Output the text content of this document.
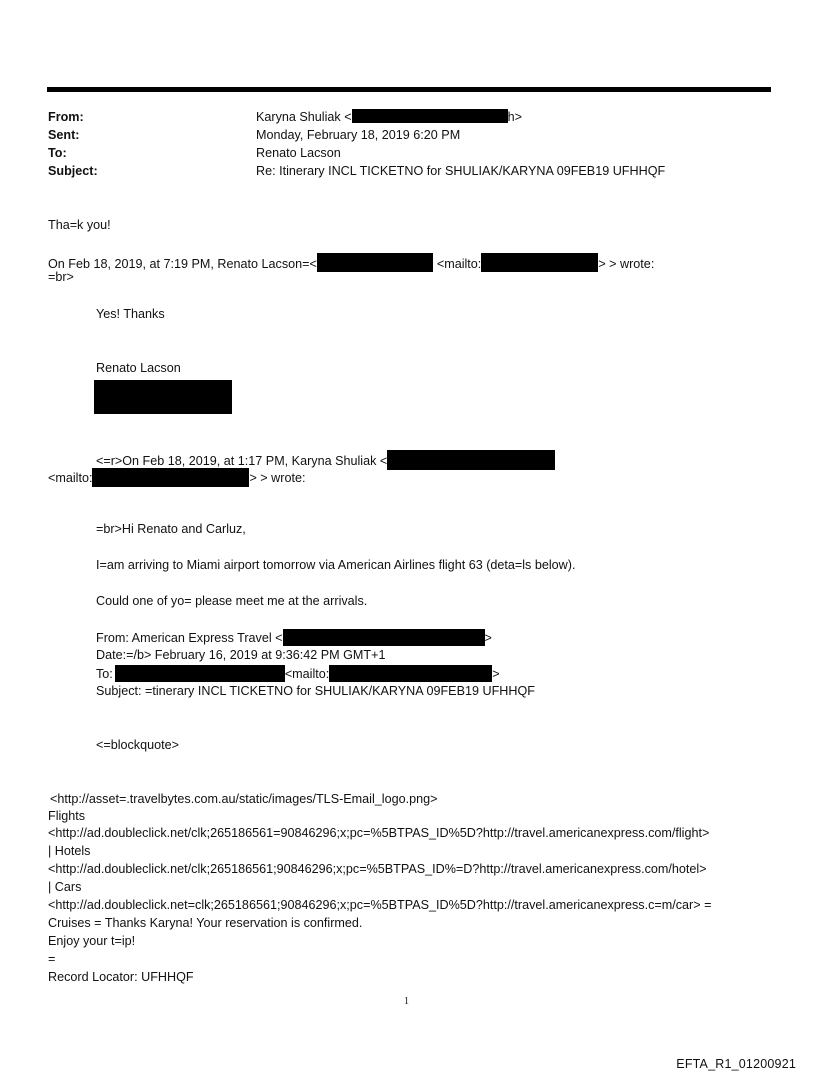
From:	Karyna Shuliak <	h>
Sent:	Monday, February 18, 2019 6:20 PM
To:	Renato Lacson
Subject:	Re: Itinerary INCL TICKETNO for SHULIAK/KARYNA 09FEB19 UFHHQF
Tha=k you!
On Feb 18, 2019, at 7:19 PM, Renato Lacson=<	<mailto:	> > wrote:
=br>
Yes! Thanks
Renato Lacson
<=r>On Feb 18, 2019, at 1:17 PM, Karyna Shuliak <
<mailto:	> > wrote:
=br>Hi Renato and Carluz,
I=am arriving to Miami airport tomorrow via American Airlines flight 63 (deta=ls below).
Could one of yo= please meet me at the arrivals.
From: American Express Travel <	>
Date:=/b> February 16, 2019 at 9:36:42 PM GMT+1
To:	<mailto:	>
Subject: =tinerary INCL TICKETNO for SHULIAK/KARYNA 09FEB19 UFHHQF
<=blockquote>
<http://asset=.travelbytes.com.au/static/images/TLS-Email_logo.png>
Flights
<http://ad.doubleclick.net/clk;265186561=90846296;x;pc=%5BTPAS_ID%5D?http://travel.americanexpress.com/flight>
| Hotels
<http://ad.doubleclick.net/clk;265186561;90846296;x;pc=%5BTPAS_ID%=D?http://travel.americanexpress.com/hotel>
| Cars
<http://ad.doubleclick.net=clk;265186561;90846296;x;pc=%5BTPAS_ID%5D?http://travel.americanexpress.c=m/car> =
Cruises = Thanks Karyna! Your reservation is confirmed.
Enjoy your t=ip!
=
Record Locator: UFHHQF
1
EFTA_R1_01200921
